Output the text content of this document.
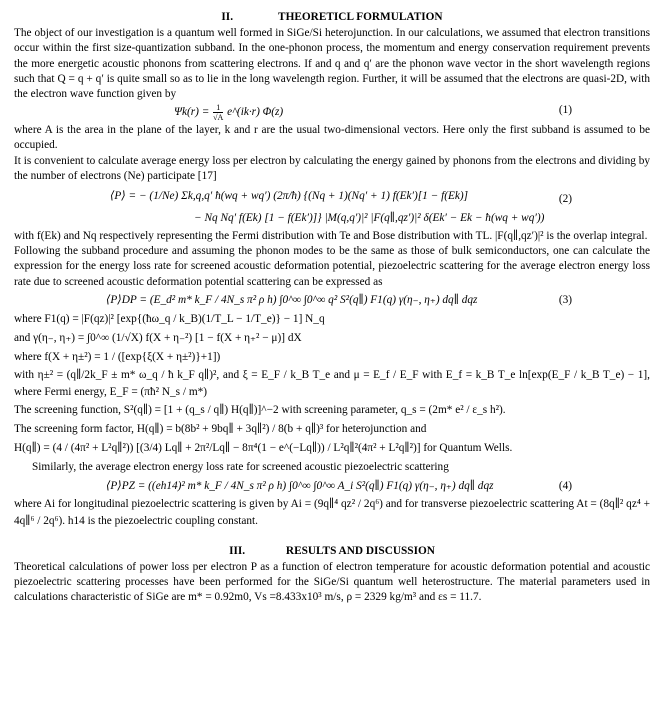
II.	THEORETICL FORMULATION

The object of our investigation is a quantum well formed in SiGe/Si heterojunction. In our calculations, we assumed that electron transitions occur within the first size-quantization subband. In the one-phonon process, the momentum and energy conservation requirement prevents the more energetic acoustic phonons from scattering electrons. If and q and q′ are the phonon wave vector in the short wavelength regions such that Q = q + q′ is quite small so as to lie in the long wavelength region. Further, it will be assumed that the electrons are quasi-2D, with the electron wave function given by

$\Psi k(r) = \frac{1}{√A}$ e^(ik·r) Φ(z)	(1)

where A is the area in the plane of the layer, k and r are the usual two-dimensional vectors. Here only the first subband is assumed to be occupied.

It is convenient to calculate average energy loss per electron by calculating the energy gained by phonons from the electrons and dividing by the number of electrons (Ne) participate [17]

⟨P⟩ = − (1/Ne) Σk,q,q′ ħ(wq + wq′) (2π/ħ) {(Nq + 1)(Nq′ + 1) f(Ek′)[1 − f(Ek)]	(2)
− Nq Nq′ f(Ek) [1 − f(Ek′)]} |M(q,q′)|² |F(q∥,qz′)|² δ(Ek′ − Ek − ħ(wq + wq′))

with f(Ek) and Nq respectively representing the Fermi distribution with Te and Bose distribution with TL. |F(q∥,qz′)|² is the overlap integral.

Following the subband procedure and assuming the phonon modes to be the same as those of bulk semiconductors, one can calculate the expression for the energy loss rate for screened acoustic deformation potential, piezoelectric scattering for the average electron energy loss rate due to screened acoustic deformation potential scattering can be expressed as

⟨P⟩DP = (E_d² m* k_F / 4N_s π² ρ h) ∫0^∞ ∫0^∞ q² S²(q∥) F1(q) γ(η₋, η₊) dq∥ dqz	(3)

where F1(q) = |F(qz)|² [exp{(ħω_q / k_B)(1/T_L − 1/T_e)} − 1] N_q

and γ(η₋, η₊) = ∫0^∞ (1/√X) f(X + η₋²) [1 − f(X + η₊² − μ)] dX

where f(X + η±²) = 1 / ([exp{ξ(X + η±²)}+1])

with η±² = (q∥/2k_F ± m* ω_q / ħ k_F q∥)², and ξ = E_F / k_B T_e and μ = E_f / E_F with E_f = k_B T_e ln[exp(E_F / k_B T_e) − 1], where Fermi energy, E_F = (πħ² N_s / m*)

The screening function, S²(q∥) = [1 + (q_s / q∥) H(q∥)]^−2 with screening parameter, q_s = (2m* e² / ε_s h²).

The screening form factor, H(q∥) = b(8b² + 9bq∥ + 3q∥²) / 8(b + q∥)³ for heterojunction and

H(q∥) = (4 / (4π² + L²q∥²)) [(3/4) Lq∥ + 2π²/Lq∥ − 8π⁴(1 − e^(−Lq∥)) / L²q∥²(4π² + L²q∥²)] for Quantum Wells.

Similarly, the average electron energy loss rate for screened acoustic piezoelectric scattering

⟨P⟩PZ = ((eh14)² m* k_F / 4N_s π² ρ h) ∫0^∞ ∫0^∞ A_i S²(q∥) F1(q) γ(η₋, η₊) dq∥ dqz	(4)

where Ai for longitudinal piezoelectric scattering is given by Ai = (9q∥⁴ qz² / 2q⁶) and for transverse piezoelectric scattering At = (8q∥² qz⁴ + 4q∥⁶ / 2q⁶). h14 is the piezoelectric coupling constant.

III.	RESULTS AND DISCUSSION

Theoretical calculations of power loss per electron P as a function of electron temperature for acoustic deformation potential and acoustic piezoelectric scattering processes have been performed for the SiGe/Si quantum well heterostructure. The material parameters used in calculations characteristic of SiGe are m* = 0.92m0, Vs =8.433x10³ m/s, ρ = 2329 kg/m³ and εs = 11.7.
